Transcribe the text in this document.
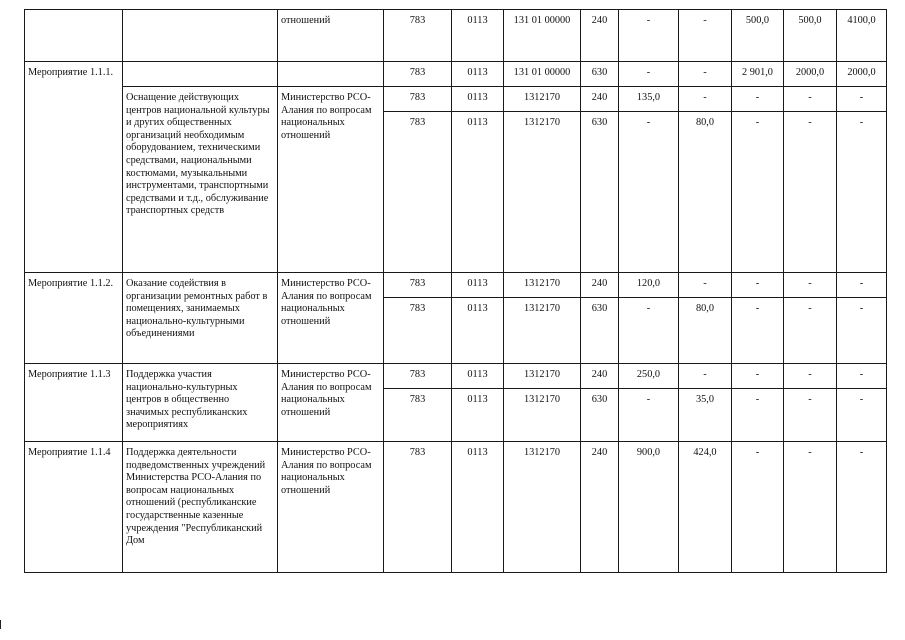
		отношений	783	0113	131 01 00000	240	-	-	500,0	500,0	4100,0
Мероприятие 1.1.1.			783	0113	131 01 00000	630	-	-	2 901,0	2000,0	2000,0
	Оснащение действующих центров национальной культуры и других общественных организаций необходимым оборудованием, техническими средствами, национальными костюмами, музыкальными инструментами, транспортными средствами и т.д., обслуживание транспортных средств	Министерство РСО-Алания по вопросам национальных отношений	783	0113	1312170	240	135,0	-	-	-	-
			783	0113	1312170	630	-	80,0	-	-	-
Мероприятие 1.1.2.	Оказание содействия в организации ремонтных работ в помещениях, занимаемых национально-культурными объединениями	Министерство РСО-Алания по вопросам национальных отношений	783	0113	1312170	240	120,0	-	-	-	-
			783	0113	1312170	630	-	80,0	-	-	-
Мероприятие 1.1.3	Поддержка участия национально-культурных центров в общественно значимых республиканских мероприятиях	Министерство РСО-Алания по вопросам национальных отношений	783	0113	1312170	240	250,0	-	-	-	-
			783	0113	1312170	630	-	35,0	-	-	-
Мероприятие 1.1.4	Поддержка деятельности подведомственных учреждений Министерства РСО-Алания по вопросам национальных отношений (республиканские государственные казенные учреждения "Республиканский Дом	Министерство РСО-Алания по вопросам национальных отношений	783	0113	1312170	240	900,0	424,0	-	-	-
